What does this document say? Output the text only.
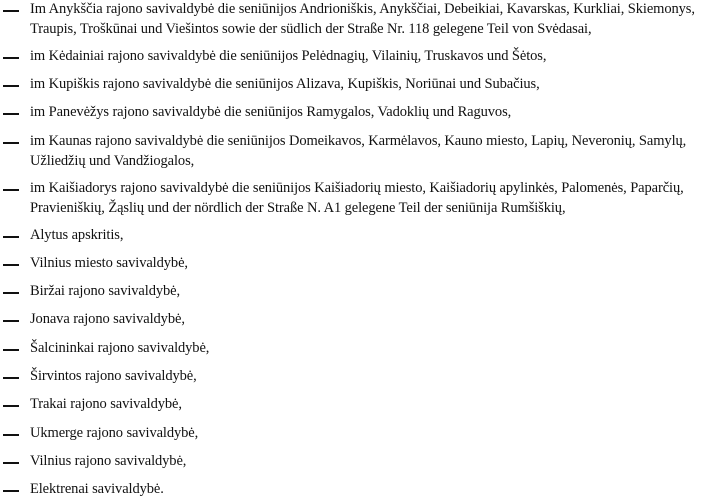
Im Anykščia rajono savivaldybė die seniūnijos Andrioniškis, Anykščiai, Debeikiai, Kavarskas, Kurkliai, Skiemonys,
Traupis, Troškūnai und Viešintos sowie der südlich der Straße Nr. 118 gelegene Teil von Svėdasai,
im Kėdainiai rajono savivaldybė die seniūnijos Pelėdnagių, Vilainių, Truskavos und Šėtos,
im Kupiškis rajono savivaldybė die seniūnijos Alizava, Kupiškis, Noriūnai und Subačius,
im Panevėžys rajono savivaldybė die seniūnijos Ramygalos, Vadoklių und Raguvos,
im Kaunas rajono savivaldybė die seniūnijos Domeikavos, Karmėlavos, Kauno miesto, Lapių, Neveronių, Samylų,
Užliedžių und Vandžiogalos,
im Kaišiadorys rajono savivaldybė die seniūnijos Kaišiadorių miesto, Kaišiadorių apylinkės, Palomenės, Paparčių,
Pravieniškių, Žąslių und der nördlich der Straße N. A1 gelegene Teil der seniūnija Rumšiškių,
Alytus apskritis,
Vilnius miesto savivaldybė,
Biržai rajono savivaldybė,
Jonava rajono savivaldybė,
Šalcininkai rajono savivaldybė,
Širvintos rajono savivaldybė,
Trakai rajono savivaldybė,
Ukmerge rajono savivaldybė,
Vilnius rajono savivaldybė,
Elektrenai savivaldybė.
